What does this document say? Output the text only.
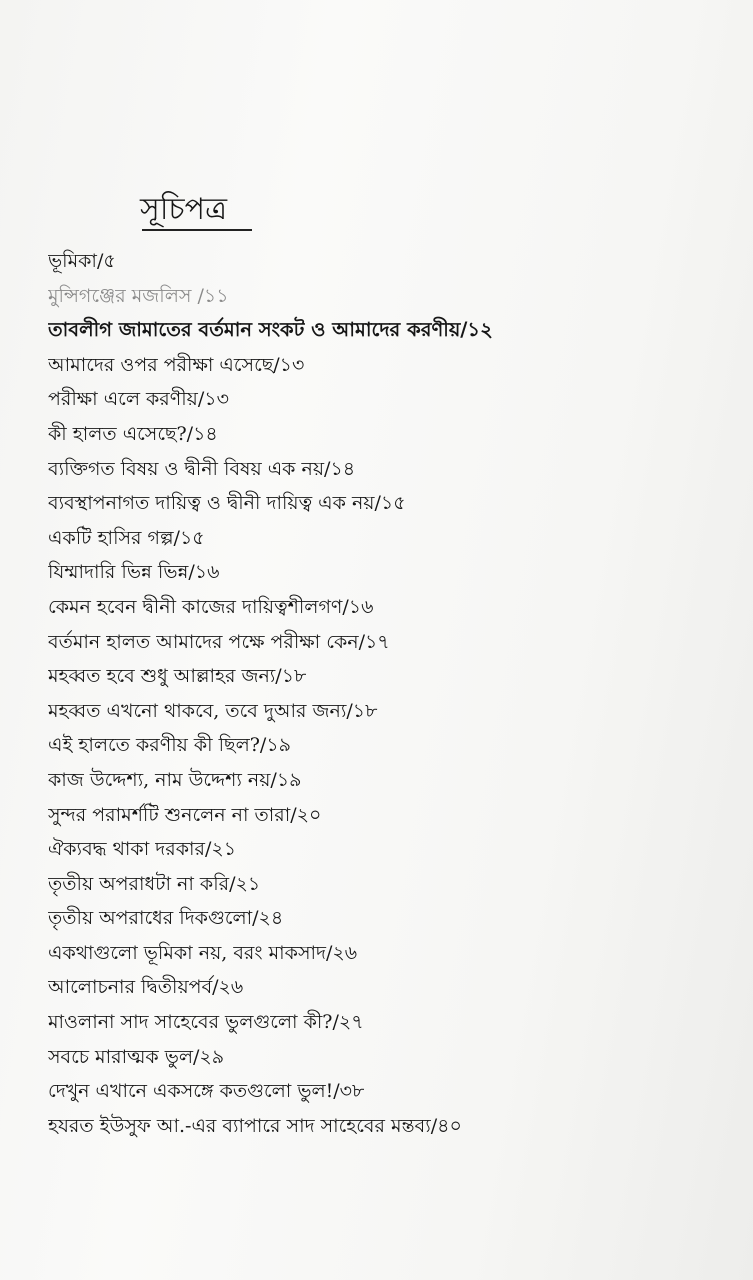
সূচিপত্র
ভূমিকা/৫
মুন্সিগঞ্জের মজলিস /১১
তাবলীগ জামাতের বর্তমান সংকট ও আমাদের করণীয়/১২
আমাদের ওপর পরীক্ষা এসেছে/১৩
পরীক্ষা এলে করণীয়/১৩
কী হালত এসেছে?/১৪
ব্যক্তিগত বিষয় ও দ্বীনী বিষয় এক নয়/১৪
ব্যবস্থাপনাগত দায়িত্ব ও দ্বীনী দায়িত্ব এক নয়/১৫
একটি হাসির গল্প/১৫
যিম্মাদারি ভিন্ন ভিন্ন/১৬
কেমন হবেন দ্বীনী কাজের দায়িত্বশীলগণ/১৬
বর্তমান হালত আমাদের পক্ষে পরীক্ষা কেন/১৭
মহব্বত হবে শুধু আল্লাহর জন্য/১৮
মহব্বত এখনো থাকবে, তবে দুআর জন্য/১৮
এই হালতে করণীয় কী ছিল?/১৯
কাজ উদ্দেশ্য, নাম উদ্দেশ্য নয়/১৯
সুন্দর পরামর্শটি শুনলেন না তারা/২০
ঐক্যবদ্ধ থাকা দরকার/২১
তৃতীয় অপরাধটা না করি/২১
তৃতীয় অপরাধের দিকগুলো/২৪
একথাগুলো ভূমিকা নয়, বরং মাকসাদ/২৬
আলোচনার দ্বিতীয়পর্ব/২৬
মাওলানা সাদ সাহেবের ভুলগুলো কী?/২৭
সবচে মারাত্মক ভুল/২৯
দেখুন এখানে একসঙ্গে কতগুলো ভুল!/৩৮
হযরত ইউসুফ আ.-এর ব্যাপারে সাদ সাহেবের মন্তব্য/৪০
